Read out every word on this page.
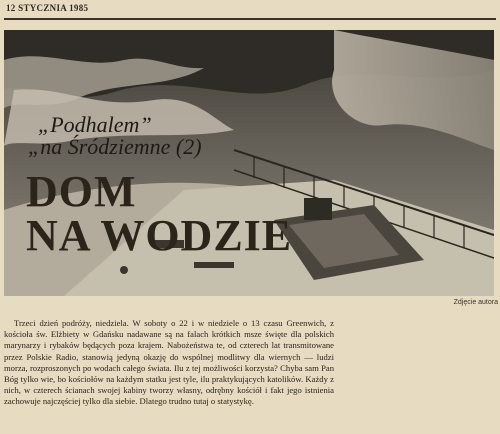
12 STYCZNIA 1985
„Podhalem”
„na Śródziemne (2)
DOM
NA WODZIE
Zdjęcie autora

Trzeci dzień podróży, niedziela. W soboty o 22 i w niedziele o 13 czasu Greenwich, z kościoła św. Elżbiety w Gdańsku nadawane są na falach krótkich msze święte dla polskich marynarzy i rybaków będących poza krajem. Nabożeństwa te, od czterech lat transmitowane przez Polskie Radio, stanowią jedyną okazję do wspólnej modlitwy dla wiernych — ludzi morza, rozproszonych po wodach całego świata. Ilu z tej możliwości korzysta? Chyba sam Pan Bóg tylko wie, bo kościołów na każdym statku jest tyle, ilu praktykujących katolików. Każdy z nich, w czterech ścianach swojej kabiny tworzy własny, odrębny kościół i fakt jego istnienia zachowuje najczęściej tylko dla siebie. Dlatego trudno tutaj o statystykę.
